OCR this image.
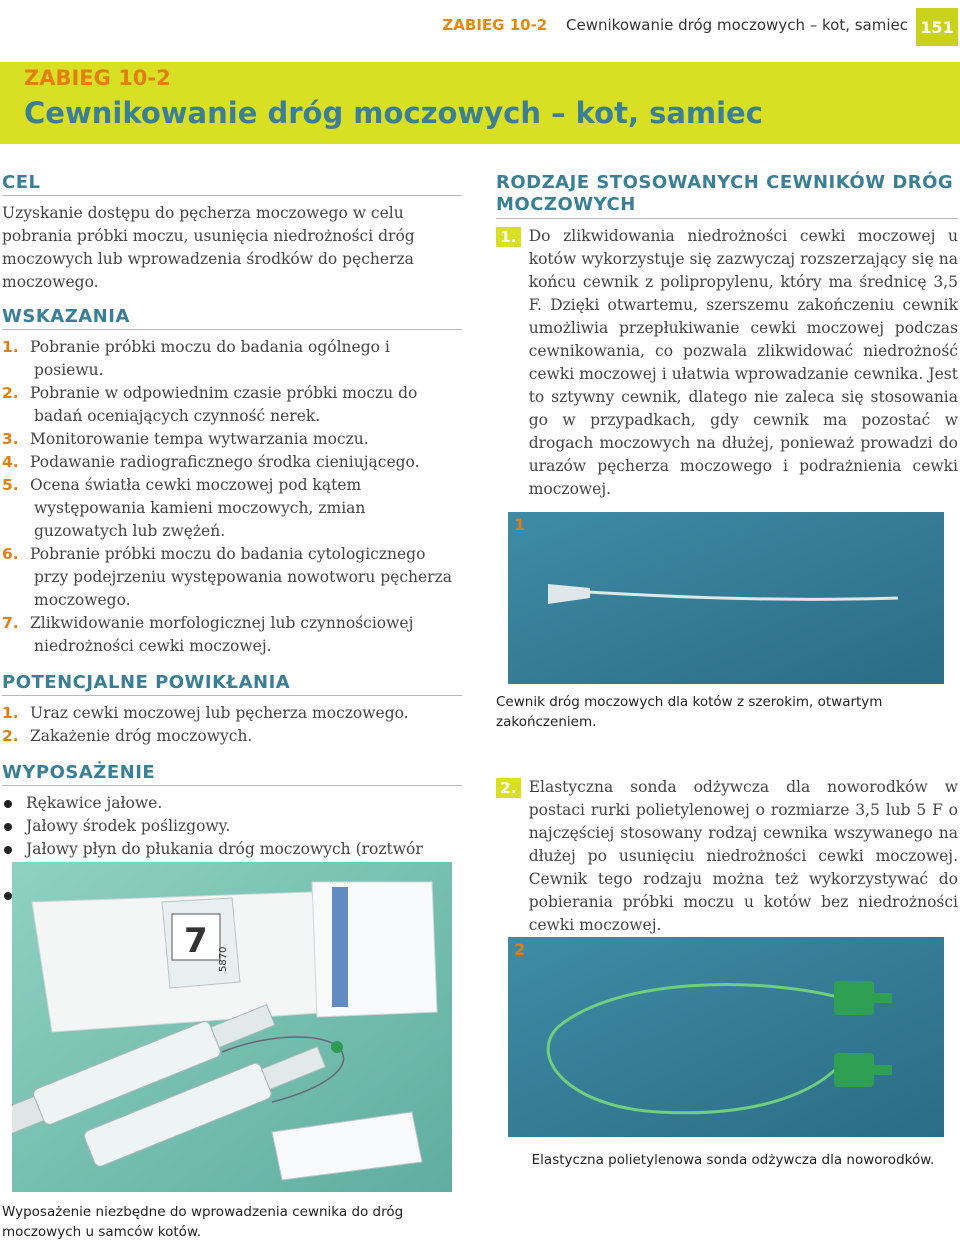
ZABIEG 10-2 Cewnikowanie dróg moczowych – kot, samiec 151
ZABIEG 10-2
Cewnikowanie dróg moczowych – kot, samiec
CEL
Uzyskanie dostępu do pęcherza moczowego w celu pobrania próbki moczu, usunięcia niedrożności dróg moczowych lub wprowadzenia środków do pęcherza moczowego.
WSKAZANIA
1. Pobranie próbki moczu do badania ogólnego i posiewu.
2. Pobranie w odpowiednim czasie próbki moczu do badań oceniających czynność nerek.
3. Monitorowanie tempa wytwarzania moczu.
4. Podawanie radiograficznego środka cieniującego.
5. Ocena światła cewki moczowej pod kątem występowania kamieni moczowych, zmian guzowatych lub zwężeń.
6. Pobranie próbki moczu do badania cytologicznego przy podejrzeniu występowania nowotworu pęcherza moczowego.
7. Zlikwidowanie morfologicznej lub czynnościowej niedrożności cewki moczowej.
POTENCJALNE POWIKŁANIA
1. Uraz cewki moczowej lub pęcherza moczowego.
2. Zakażenie dróg moczowych.
WYPOSAŻENIE
Rękawice jałowe.
Jałowy środek poślizgowy.
Jałowy płyn do płukania dróg moczowych (roztwór
7 5870
Wyposażenie niezbędne do wprowadzenia cewnika do dróg moczowych u samców kotów.
RODZAJE STOSOWANYCH CEWNIKÓW DRÓG MOCZOWYCH
1. Do zlikwidowania niedrożności cewki moczowej u kotów wykorzystuje się zazwyczaj rozszerzający się na końcu cewnik z polipropylenu, który ma średnicę 3,5 F. Dzięki otwartemu, szerszemu zakończeniu cewnik umożliwia przepłukiwanie cewki moczowej podczas cewnikowania, co pozwala zlikwidować niedrożność cewki moczowej i ułatwia wprowadzanie cewnika. Jest to sztywny cewnik, dlatego nie zaleca się stosowania go w przypadkach, gdy cewnik ma pozostać w drogach moczowych na dłużej, ponieważ prowadzi do urazów pęcherza moczowego i podrażnienia cewki moczowej.
1
Cewnik dróg moczowych dla kotów z szerokim, otwartym zakończeniem.
2. Elastyczna sonda odżywcza dla noworodków w postaci rurki polietylenowej o rozmiarze 3,5 lub 5 F o najczęściej stosowany rodzaj cewnika wszywanego na dłużej po usunięciu niedrożności cewki moczowej. Cewnik tego rodzaju można też wykorzystywać do pobierania próbki moczu u kotów bez niedrożności cewki moczowej.
2
Elastyczna polietylenowa sonda odżywcza dla noworodków.
